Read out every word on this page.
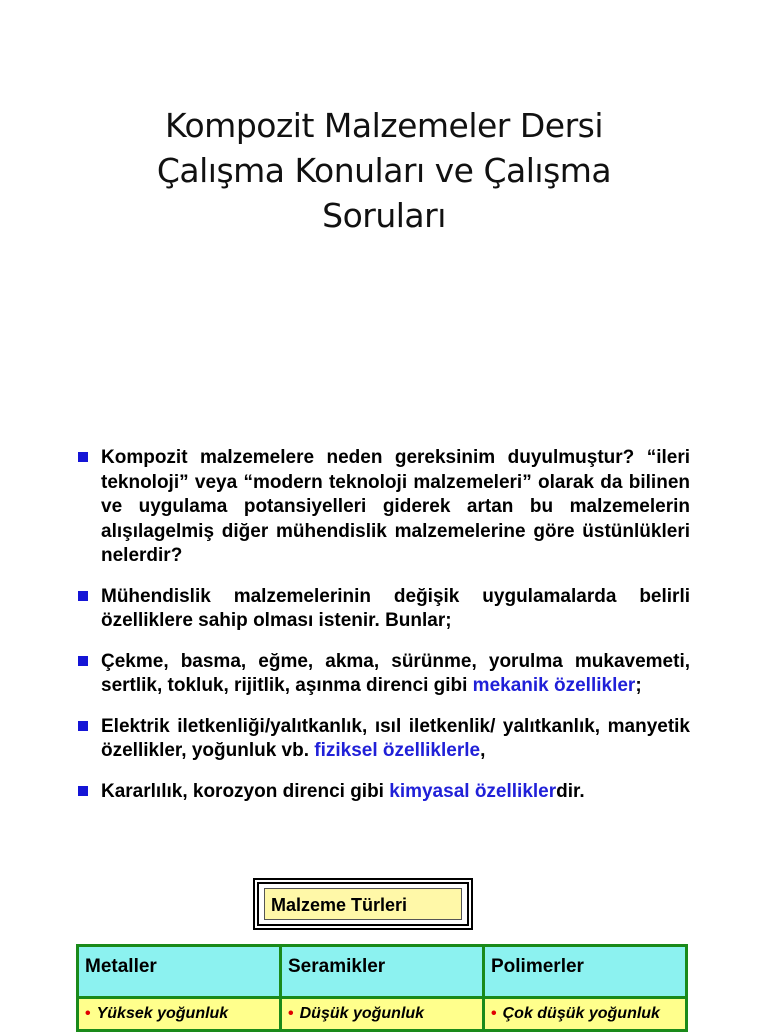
Kompozit Malzemeler Dersi
Çalışma Konuları ve Çalışma
Soruları
Kompozit malzemelere neden gereksinim duyulmuştur? “ileri teknoloji” veya “modern teknoloji malzemeleri” olarak da bilinen ve uygulama potansiyelleri giderek artan bu malzemelerin alışılagelmiş diğer mühendislik malzemelerine göre üstünlükleri nelerdir?
Mühendislik malzemelerinin değişik uygulamalarda belirli özelliklere sahip olması istenir. Bunlar;
Çekme, basma, eğme, akma, sürünme, yorulma mukavemeti, sertlik, tokluk, rijitlik, aşınma direnci gibi mekanik özellikler;
Elektrik iletkenliği/yalıtkanlık, ısıl iletkenlik/ yalıtkanlık, manyetik özellikler, yoğunluk vb. fiziksel özelliklerle,
Kararlılık, korozyon direnci gibi kimyasal özelliklerdir.
Malzeme Türleri
Metaller	Seramikler	Polimerler
• Yüksek yoğunluk	• Düşük yoğunluk	• Çok düşük yoğunluk
